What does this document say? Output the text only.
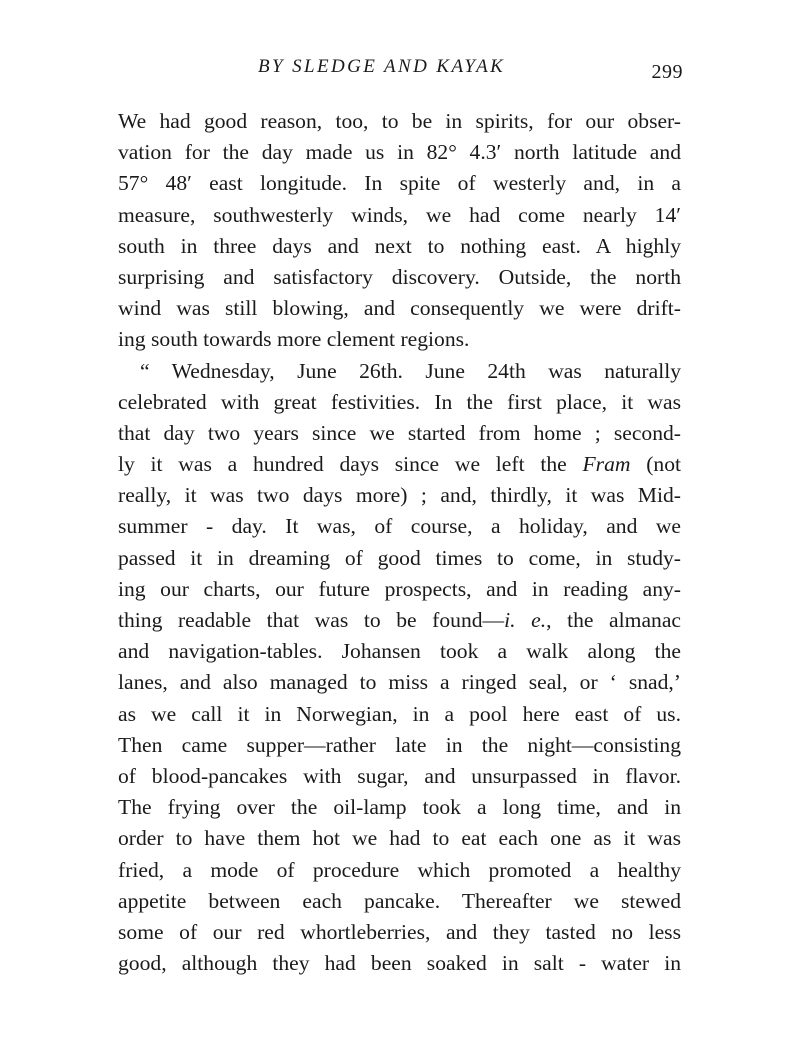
BY SLEDGE AND KAYAK	299
We had good reason, too, to be in spirits, for our obser-
vation for the day made us in 82° 4.3′ north latitude and
57° 48′ east longitude. In spite of westerly and, in a
measure, southwesterly winds, we had come nearly 14′
south in three days and next to nothing east. A highly
surprising and satisfactory discovery. Outside, the north
wind was still blowing, and consequently we were drift-
ing south towards more clement regions.
“ Wednesday, June 26th. June 24th was naturally
celebrated with great festivities. In the first place, it was
that day two years since we started from home ; second-
ly it was a hundred days since we left the Fram (not
really, it was two days more) ; and, thirdly, it was Mid-
summer - day. It was, of course, a holiday, and we
passed it in dreaming of good times to come, in study-
ing our charts, our future prospects, and in reading any-
thing readable that was to be found—i. e., the almanac
and navigation-tables. Johansen took a walk along the
lanes, and also managed to miss a ringed seal, or ‘ snad,’
as we call it in Norwegian, in a pool here east of us.
Then came supper—rather late in the night—consisting
of blood-pancakes with sugar, and unsurpassed in flavor.
The frying over the oil-lamp took a long time, and in
order to have them hot we had to eat each one as it was
fried, a mode of procedure which promoted a healthy
appetite between each pancake. Thereafter we stewed
some of our red whortleberries, and they tasted no less
good, although they had been soaked in salt - water in
